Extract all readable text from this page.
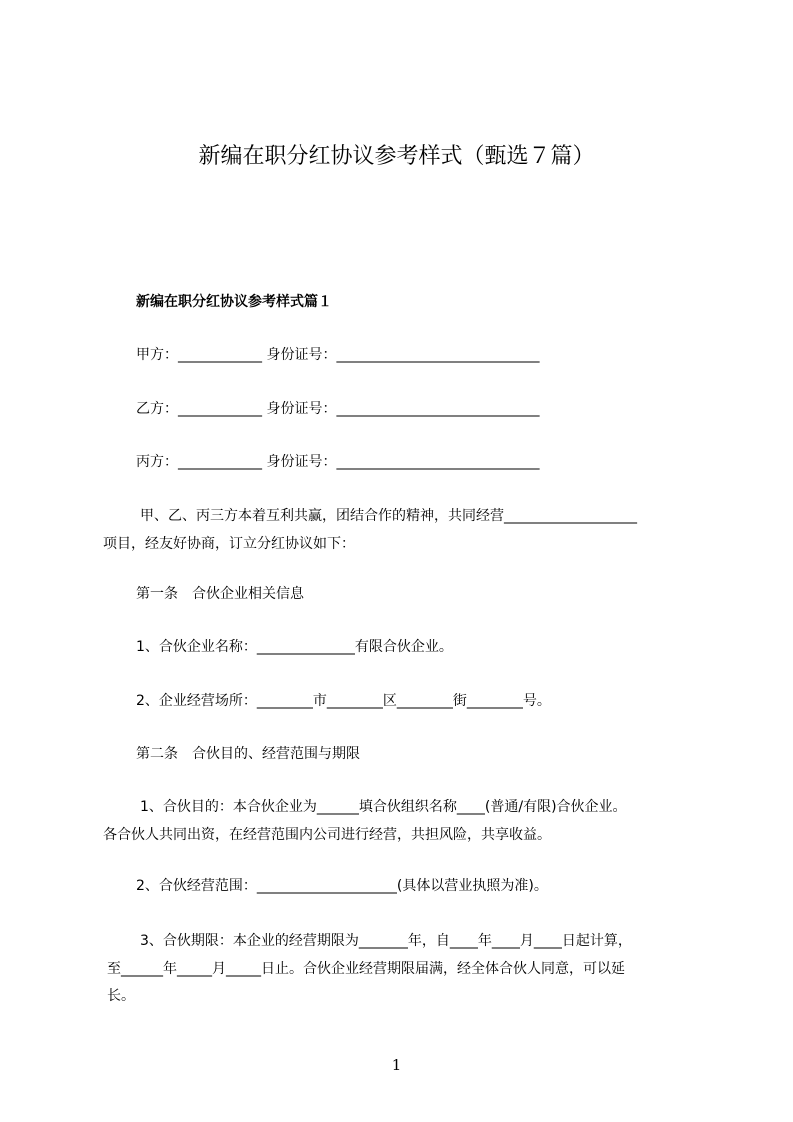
新编在职分红协议参考样式（甄选７篇）
新编在职分红协议参考样式篇１
甲方：____________ 身份证号：_____________________________
乙方：____________ 身份证号：_____________________________
丙方：____________ 身份证号：_____________________________
甲、乙、丙三方本着互利共赢，团结合作的精神，共同经营___________________
项目，经友好协商，订立分红协议如下：
第一条　合伙企业相关信息
1、合伙企业名称：______________有限合伙企业。
2、企业经营场所：________市________区________街________号。
第二条　合伙目的、经营范围与期限
1、合伙目的：本合伙企业为______填合伙组织名称____(普通/有限)合伙企业。
各合伙人共同出资，在经营范围内公司进行经营，共担风险，共享收益。
2、合伙经营范围：____________________(具体以营业执照为准)。
3、合伙期限：本企业的经营期限为_______年，自____年____月____日起计算，
至______年_____月_____日止。合伙企业经营期限届满，经全体合伙人同意，可以延
长。
1
